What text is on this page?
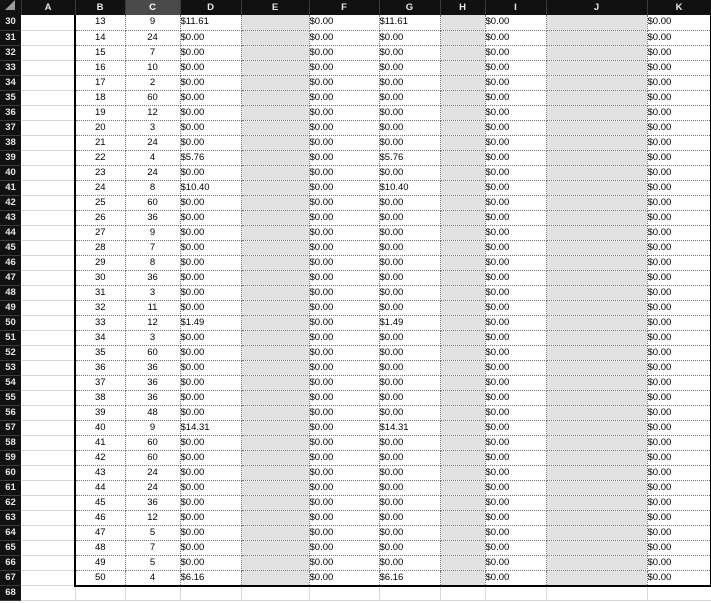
	A	B	C	D	E	F	G	H	I	J	K	
30		13	9	$11.61		$0.00	$11.61		$0.00		$0.00	
31		14	24	$0.00		$0.00	$0.00		$0.00		$0.00	
32		15	7	$0.00		$0.00	$0.00		$0.00		$0.00	
33		16	10	$0.00		$0.00	$0.00		$0.00		$0.00	
34		17	2	$0.00		$0.00	$0.00		$0.00		$0.00	
35		18	60	$0.00		$0.00	$0.00		$0.00		$0.00	
36		19	12	$0.00		$0.00	$0.00		$0.00		$0.00	
37		20	3	$0.00		$0.00	$0.00		$0.00		$0.00	
38		21	24	$0.00		$0.00	$0.00		$0.00		$0.00	
39		22	4	$5.76		$0.00	$5.76		$0.00		$0.00	
40		23	24	$0.00		$0.00	$0.00		$0.00		$0.00	
41		24	8	$10.40		$0.00	$10.40		$0.00		$0.00	
42		25	60	$0.00		$0.00	$0.00		$0.00		$0.00	
43		26	36	$0.00		$0.00	$0.00		$0.00		$0.00	
44		27	9	$0.00		$0.00	$0.00		$0.00		$0.00	
45		28	7	$0.00		$0.00	$0.00		$0.00		$0.00	
46		29	8	$0.00		$0.00	$0.00		$0.00		$0.00	
47		30	36	$0.00		$0.00	$0.00		$0.00		$0.00	
48		31	3	$0.00		$0.00	$0.00		$0.00		$0.00	
49		32	11	$0.00		$0.00	$0.00		$0.00		$0.00	
50		33	12	$1.49		$0.00	$1.49		$0.00		$0.00	
51		34	3	$0.00		$0.00	$0.00		$0.00		$0.00	
52		35	60	$0.00		$0.00	$0.00		$0.00		$0.00	
53		36	36	$0.00		$0.00	$0.00		$0.00		$0.00	
54		37	36	$0.00		$0.00	$0.00		$0.00		$0.00	
55		38	36	$0.00		$0.00	$0.00		$0.00		$0.00	
56		39	48	$0.00		$0.00	$0.00		$0.00		$0.00	
57		40	9	$14.31		$0.00	$14.31		$0.00		$0.00	
58		41	60	$0.00		$0.00	$0.00		$0.00		$0.00	
59		42	60	$0.00		$0.00	$0.00		$0.00		$0.00	
60		43	24	$0.00		$0.00	$0.00		$0.00		$0.00	
61		44	24	$0.00		$0.00	$0.00		$0.00		$0.00	
62		45	36	$0.00		$0.00	$0.00		$0.00		$0.00	
63		46	12	$0.00		$0.00	$0.00		$0.00		$0.00	
64		47	5	$0.00		$0.00	$0.00		$0.00		$0.00	
65		48	7	$0.00		$0.00	$0.00		$0.00		$0.00	
66		49	5	$0.00		$0.00	$0.00		$0.00		$0.00	
67		50	4	$6.16		$0.00	$6.16		$0.00		$0.00	
68												
